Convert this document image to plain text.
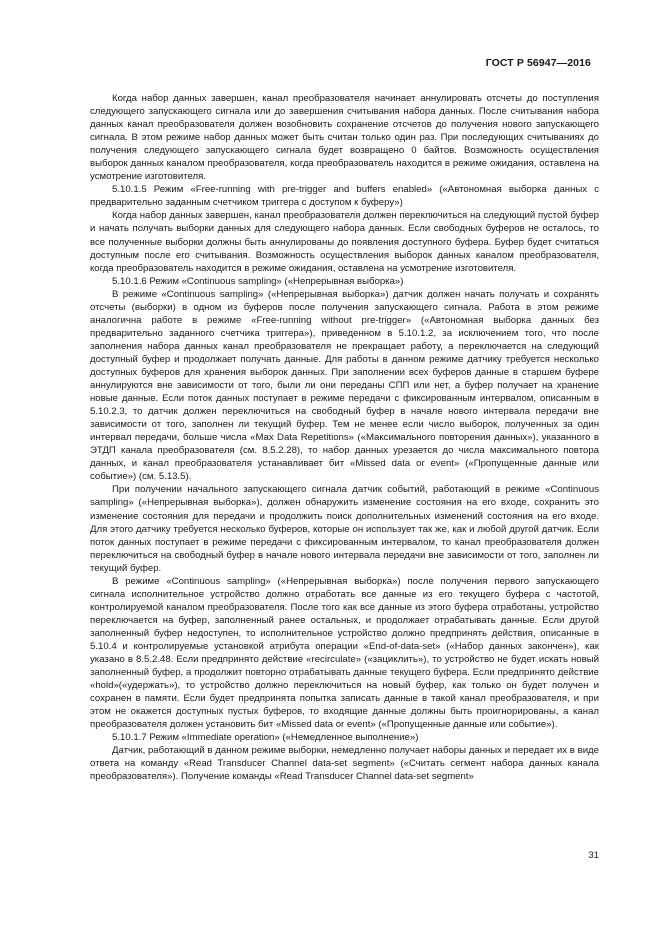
ГОСТ Р 56947—2016

Когда набор данных завершен, канал преобразователя начинает аннулировать отсчеты до поступления следующего запускающего сигнала или до завершения считывания набора данных. После считывания набора данных канал преобразователя должен возобновить сохранение отсчетов до получения нового запускающего сигнала. В этом режиме набор данных может быть считан только один раз. При последующих считываниях до получения следующего запускающего сигнала будет возвращено 0 байтов. Возможность осуществления выборок данных каналом преобразователя, когда преобразователь находится в режиме ожидания, оставлена на усмотрение изготовителя.

5.10.1.5 Режим «Free-running with pre-trigger and buffers enabled» («Автономная выборка данных с предварительно заданным счетчиком триггера с доступом к буферу»)

Когда набор данных завершен, канал преобразователя должен переключиться на следующий пустой буфер и начать получать выборки данных для следующего набора данных. Если свободных буферов не осталось, то все полученные выборки должны быть аннулированы до появления доступного буфера. Буфер будет считаться доступным после его считывания. Возможность осуществления выборок данных каналом преобразователя, когда преобразователь находится в режиме ожидания, оставлена на усмотрение изготовителя.

5.10.1.6 Режим «Continuous sampling» («Непрерывная выборка»)

В режиме «Continuous sampling» («Непрерывная выборка») датчик должен начать получать и сохранять отсчеты (выборки) в одном из буферов после получения запускающего сигнала. Работа в этом режиме аналогична работе в режиме «Free-running without pre-trigger» («Автономная выборка данных без предварительно заданного счетчика триггера»), приведенном в 5.10.1.2, за исключением того, что после заполнения набора данных канал преобразователя не прекращает работу, а переключается на следующий доступный буфер и продолжает получать данные. Для работы в данном режиме датчику требуется несколько доступных буферов для хранения выборок данных. При заполнении всех буферов данные в старшем буфере аннулируются вне зависимости от того, были ли они переданы СПП или нет, а буфер получает на хранение новые данные. Если поток данных поступает в режиме передачи с фиксированным интервалом, описанным в 5.10.2.3, то датчик должен переключиться на свободный буфер в начале нового интервала передачи вне зависимости от того, заполнен ли текущий буфер. Тем не менее если число выборок, полученных за один интервал передачи, больше числа «Max Data Repetitions» («Максимального повторения данных»), указанного в ЭТДП канала преобразователя (см. 8.5.2.28), то набор данных урезается до числа максимального повтора данных, и канал преобразователя устанавливает бит «Missed data or event» («Пропущенные данные или событие») (см. 5.13.5).

При получении начального запускающего сигнала датчик событий, работающий в режиме «Continuous sampling» («Непрерывная выборка»), должен обнаружить изменение состояния на его входе, сохранить это изменение состояния для передачи и продолжить поиск дополнительных изменений состояния на его входе. Для этого датчику требуется несколько буферов, которые он использует так же, как и любой другой датчик. Если поток данных поступает в режиме передачи с фиксированным интервалом, то канал преобразователя должен переключиться на свободный буфер в начале нового интервала передачи вне зависимости от того, заполнен ли текущий буфер.

В режиме «Continuous sampling» («Непрерывная выборка») после получения первого запускающего сигнала исполнительное устройство должно отработать все данные из его текущего буфера с частотой, контролируемой каналом преобразователя. После того как все данные из этого буфера отработаны, устройство переключается на буфер, заполненный ранее остальных, и продолжает отрабатывать данные. Если другой заполненный буфер недоступен, то исполнительное устройство должно предпринять действия, описанные в 5.10.4 и контролируемые установкой атрибута операции «End-of-data-set» («Набор данных закончен»), как указано в 8.5.2.48. Если предпринято действие «recirculate» («зациклить»), то устройство не будет искать новый заполненный буфер, а продолжит повторно отрабатывать данные текущего буфера. Если предпринято действие «hold»(«удержать»), то устройство должно переключиться на новый буфер, как только он будет получен и сохранен в памяти. Если будет предпринята попытка записать данные в такой канал преобразователя, и при этом не окажется доступных пустых буферов, то входящие данные должны быть проигнорированы, а канал преобразователя должен установить бит «Missed data or event» («Пропущенные данные или событие»).

5.10.1.7 Режим «Immediate operation» («Немедленное выполнение»)

Датчик, работающий в данном режиме выборки, немедленно получает наборы данных и передает их в виде ответа на команду «Read Transducer Channel data-set segment» («Считать сегмент набора данных канала преобразователя»). Получение команды «Read Transducer Channel data-set segment»

31
